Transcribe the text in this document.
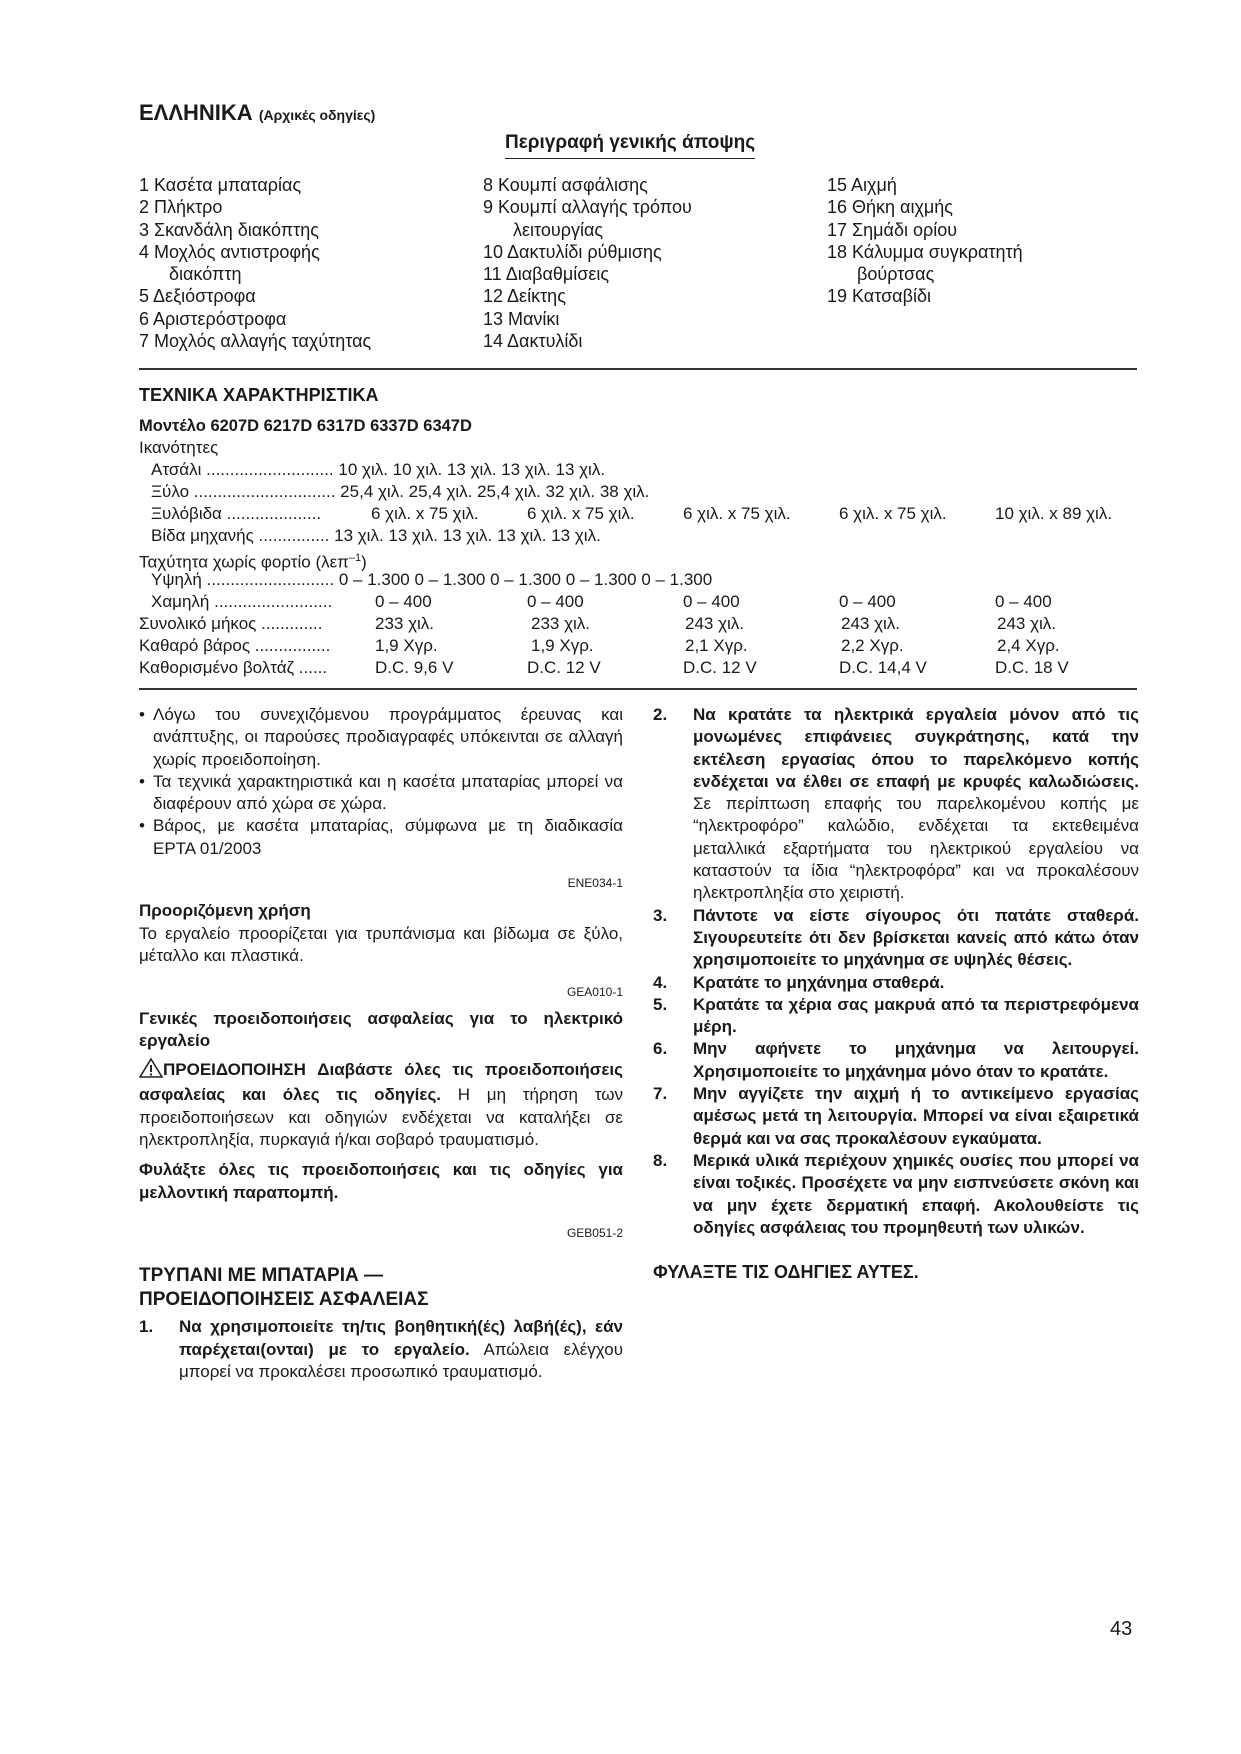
ΕΛΛΗΝΙΚΑ (Αρχικές οδηγίες)
Περιγραφή γενικής άποψης
1 Κασέτα μπαταρίας
2 Πλήκτρο
3 Σκανδάλη διακόπτης
4 Μοχλός αντιστροφής
διακόπτη
5 Δεξιόστροφα
6 Αριστερόστροφα
7 Μοχλός αλλαγής ταχύτητας
8 Κουμπί ασφάλισης
9 Κουμπί αλλαγής τρόπου
λειτουργίας
10 Δακτυλίδι ρύθμισης
11 Διαβαθμίσεις
12 Δείκτης
13 Μανίκι
14 Δακτυλίδι
15 Αιχμή
16 Θήκη αιχμής
17 Σημάδι ορίου
18 Κάλυμμα συγκρατητή
βούρτσας
19 Κατσαβίδι
ΤΕΧΝΙΚΑ ΧΑΡΑΚΤΗΡΙΣΤΙΚΑ
Μοντέλο 6207D 6217D 6317D 6337D 6347D
Ικανότητες
Ατσάλι ........................... 10 χιλ. 10 χιλ. 13 χιλ. 13 χιλ. 13 χιλ.
Ξύλο .............................. 25,4 χιλ. 25,4 χιλ. 25,4 χιλ. 32 χιλ. 38 χιλ.
Ξυλόβιδα ....................	6 χιλ. x 75 χιλ.	6 χιλ. x 75 χιλ.	6 χιλ. x 75 χιλ.	6 χιλ. x 75 χιλ.	10 χιλ. x 89 χιλ.
Βίδα μηχανής ............... 13 χιλ. 13 χιλ. 13 χιλ. 13 χιλ. 13 χιλ.
Ταχύτητα χωρίς φορτίο (λεπ$^{-1}$)
Υψηλή ........................... 0 – 1.300 0 – 1.300 0 – 1.300 0 – 1.300 0 – 1.300
Χαμηλή .........................	0 – 400	0 – 400	0 – 400	0 – 400	0 – 400
Συνολικό μήκος .............	233 χιλ.	233 χιλ.	243 χιλ.	243 χιλ.	243 χιλ.
Καθαρό βάρος ................	1,9 Χγρ.	1,9 Χγρ.	2,1 Χγρ.	2,2 Χγρ.	2,4 Χγρ.
Καθορισμένο βολτάζ ......	D.C. 9,6 V	D.C. 12 V	D.C. 12 V	D.C. 14,4 V	D.C. 18 V
• Λόγω του συνεχιζόμενου προγράμματος έρευνας και ανάπτυξης, οι παρούσες προδιαγραφές υπόκεινται σε αλλαγή χωρίς προειδοποίηση.
• Τα τεχνικά χαρακτηριστικά και η κασέτα μπαταρίας μπορεί να διαφέρουν από χώρα σε χώρα.
• Βάρος, με κασέτα μπαταρίας, σύμφωνα με τη διαδικασία EPTA 01/2003
ENE034-1
Προοριζόμενη χρήση
Το εργαλείο προορίζεται για τρυπάνισμα και βίδωμα σε ξύλο, μέταλλο και πλαστικά.
GEA010-1
Γενικές προειδοποιήσεις ασφαλείας για το ηλεκτρικό εργαλείο
ΠΡΟΕΙΔΟΠΟΙΗΣΗ Διαβάστε όλες τις προειδοποιήσεις ασφαλείας και όλες τις οδηγίες. Η μη τήρηση των προειδοποιήσεων και οδηγιών ενδέχεται να καταλήξει σε ηλεκτροπληξία, πυρκαγιά ή/και σοβαρό τραυματισμό.
Φυλάξτε όλες τις προειδοποιήσεις και τις οδηγίες για μελλοντική παραπομπή.
GEB051-2
ΤΡΥΠΑΝΙ ΜΕ ΜΠΑΤΑΡΙΑ —
ΠΡΟΕΙΔΟΠΟΙΗΣΕΙΣ ΑΣΦΑΛΕΙΑΣ
1.	Να χρησιμοποιείτε τη/τις βοηθητική(ές) λαβή(ές), εάν παρέχεται(ονται) με το εργαλείο. Απώλεια ελέγχου μπορεί να προκαλέσει προσωπικό τραυματισμό.
2.	Να κρατάτε τα ηλεκτρικά εργαλεία μόνον από τις μονωμένες επιφάνειες συγκράτησης, κατά την εκτέλεση εργασίας όπου το παρελκόμενο κοπής ενδέχεται να έλθει σε επαφή με κρυφές καλωδιώσεις. Σε περίπτωση επαφής του παρελκομένου κοπής με “ηλεκτροφόρο” καλώδιο, ενδέχεται τα εκτεθειμένα μεταλλικά εξαρτήματα του ηλεκτρικού εργαλείου να καταστούν τα ίδια “ηλεκτροφόρα” και να προκαλέσουν ηλεκτροπληξία στο χειριστή.
3.	Πάντοτε να είστε σίγουρος ότι πατάτε σταθερά. Σιγουρευτείτε ότι δεν βρίσκεται κανείς από κάτω όταν χρησιμοποιείτε το μηχάνημα σε υψηλές θέσεις.
4.	Κρατάτε το μηχάνημα σταθερά.
5.	Κρατάτε τα χέρια σας μακρυά από τα περιστρεφόμενα μέρη.
6.	Μην αφήνετε το μηχάνημα να λειτουργεί. Χρησιμοποιείτε το μηχάνημα μόνο όταν το κρατάτε.
7.	Μην αγγίζετε την αιχμή ή το αντικείμενο εργασίας αμέσως μετά τη λειτουργία. Μπορεί να είναι εξαιρετικά θερμά και να σας προκαλέσουν εγκαύματα.
8.	Μερικά υλικά περιέχουν χημικές ουσίες που μπορεί να είναι τοξικές. Προσέχετε να μην εισπνεύσετε σκόνη και να μην έχετε δερματική επαφή. Ακολουθείστε τις οδηγίες ασφάλειας του προμηθευτή των υλικών.
ΦΥΛΑΞΤΕ ΤΙΣ ΟΔΗΓΙΕΣ ΑΥΤΕΣ.
43
